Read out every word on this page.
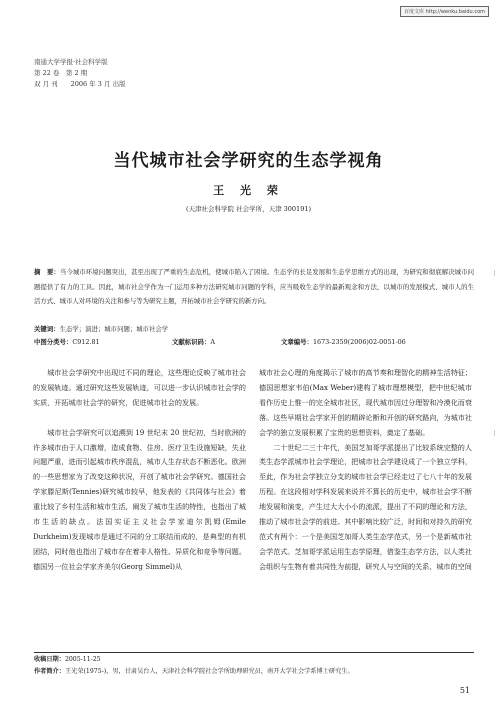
百度文库 http://wenku.baidu.com
南通大学学报·社会科学版
第 22 卷　第 2 期
双 月 刊　　2006 年 3 月 出版
当代城市社会学研究的生态学视角
王 光 荣
(天津社会科学院 社会学所，天津 300191)
摘　要：当今城市环境问题突出，甚至出现了严重的生态危机，使城市陷入了困境。生态学的长足发展和生态学思维方式的出现，为研究和彻底解决城市问题提供了有力的工具。因此，城市社会学作为一门运用多种方法研究城市问题的学科，应当吸收生态学的最新观念和方法，以城市的发展模式、城市人的生活方式、城市人对环境的关注和参与等为研究主题，开拓城市社会学研究的新方向。
关键词：生态学；演进；城市问题；城市社会学
中图分类号：C912.81	文献标识码：A	文章编号：1673-2359(2006)02-0051-06

城市社会学研究中出现过不同的理论，这些理论反映了城市社会的发展轨迹。通过研究这些发展轨迹，可以进一步认识城市社会学的实质，开拓城市社会学的研究，促进城市社会的发展。

城市社会学研究可以追溯到 19 世纪末 20 世纪初，当时欧洲的许多城市由于人口激增，造成食物、住房、医疗卫生设施短缺，失业问题严重，进而引起城市秩序混乱，城市人生存状态不断恶化。欧洲的一些思想家为了改变这种状况，开创了城市社会学研究。德国社会学家滕尼斯(Tennies)研究城市较早，他发表的《共同体与社会》着重比较了乡村生活和城市生活，阐发了城市生活的特性，也指出了城市生活的缺点。法国实证主义社会学家迪尔凯姆(Emile Durkheim)发现城市是通过不同的分工联结而成的，是典型的有机团结，同时他也指出了城市存在着非人格性、异质化和竞争等问题。德国另一位社会学家齐美尔(Georg Simmel)从

城市社会心理的角度揭示了城市的高节奏和理智化的精神生活特征；德国思想家韦伯(Max Weber)建构了城市理想模型，把中世纪城市看作历史上惟一的完全城市社区，现代城市因过分理智和冷漠化而衰落。这些早期社会学家开创的精辟论断和开创的研究路向，为城市社会学的独立发展积累了宝贵的思想资料，奠定了基础。

二十世纪二三十年代，美国芝加哥学派提出了比较系统完整的人类生态学派城市社会学理论，把城市社会学建设成了一个独立学科，至此，作为社会学独立分支的城市社会学已经走过了七八十年的发展历程。在这段相对学科发展来说并不算长的历史中，城市社会学不断地发展和演变，产生过大大小小的流派，提出了不同的理论和方法，推动了城市社会学的前进。其中影响比较广泛，时间和对持久的研究范式有两个：一个是美国芝加哥人类生态学范式，另一个是新城市社会学范式。芝加哥学派运用生态学原理，借鉴生态学方法，以人类社会组织与生物有着共同性为前提，研究人与空间的关系、城市的空间

收稿日期：2005-11-25
作者简介：王光荣(1975-)，男，甘肃吴台人，天津社会科学院社会学所助理研究员，南开大学社会学系博士研究生。
51
